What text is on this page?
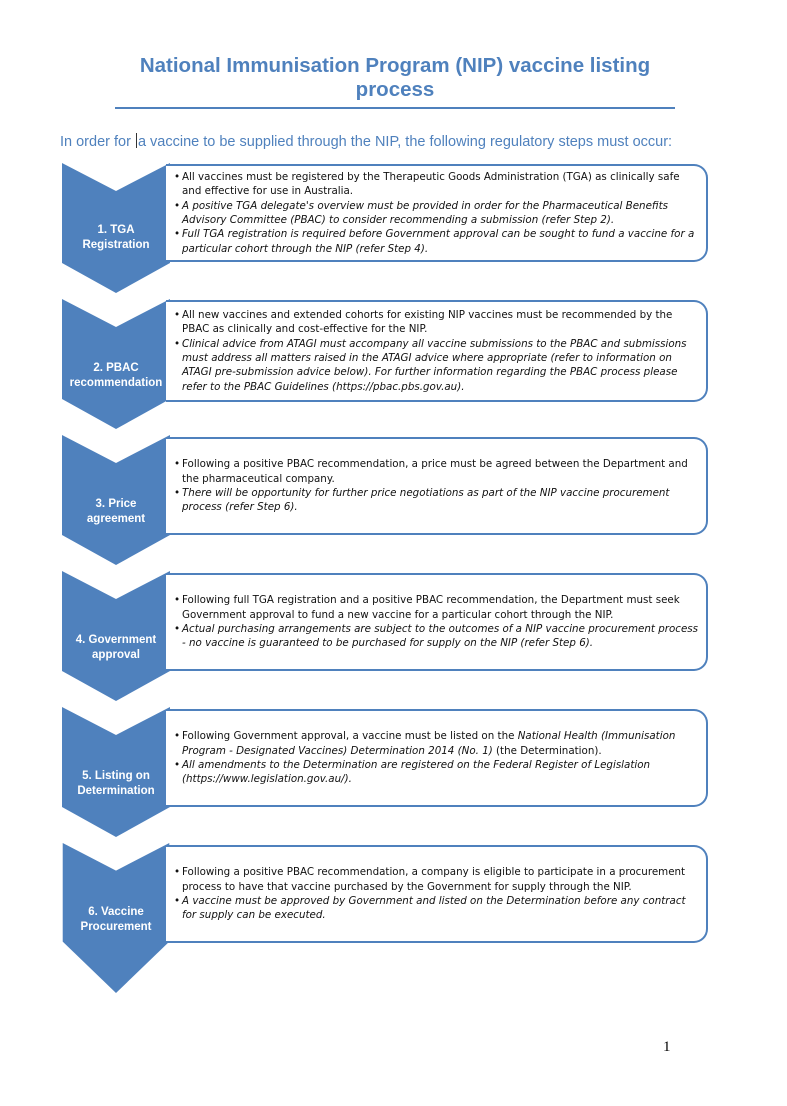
National Immunisation Program (NIP) vaccine listing process
In order for a vaccine to be supplied through the NIP, the following regulatory steps must occur:
1. TGA
Registration
• All vaccines must be registered by the Therapeutic Goods Administration (TGA) as clinically safe and effective for use in Australia.
• A positive TGA delegate's overview must be provided in order for the Pharmaceutical Benefits Advisory Committee (PBAC) to consider recommending a submission (refer Step 2).
• Full TGA registration is required before Government approval can be sought to fund a vaccine for a particular cohort through the NIP (refer Step 4).
2. PBAC
recommendation
• All new vaccines and extended cohorts for existing NIP vaccines must be recommended by the PBAC as clinically and cost-effective for the NIP.
• Clinical advice from ATAGI must accompany all vaccine submissions to the PBAC and submissions must address all matters raised in the ATAGI advice where appropriate (refer to information on ATAGI pre-submission advice below). For further information regarding the PBAC process please refer to the PBAC Guidelines (https://pbac.pbs.gov.au).
3. Price
agreement
• Following a positive PBAC recommendation, a price must be agreed between the Department and the pharmaceutical company.
• There will be opportunity for further price negotiations as part of the NIP vaccine procurement process (refer Step 6).
4. Government
approval
• Following full TGA registration and a positive PBAC recommendation, the Department must seek Government approval to fund a new vaccine for a particular cohort through the NIP.
• Actual purchasing arrangements are subject to the outcomes of a NIP vaccine procurement process - no vaccine is guaranteed to be purchased for supply on the NIP (refer Step 6).
5. Listing on
Determination
• Following Government approval, a vaccine must be listed on the National Health (Immunisation Program - Designated Vaccines) Determination 2014 (No. 1) (the Determination).
• All amendments to the Determination are registered on the Federal Register of Legislation (https://www.legislation.gov.au/).
6. Vaccine
Procurement
• Following a positive PBAC recommendation, a company is eligible to participate in a procurement process to have that vaccine purchased by the Government for supply through the NIP.
• A vaccine must be approved by Government and listed on the Determination before any contract for supply can be executed.
1
